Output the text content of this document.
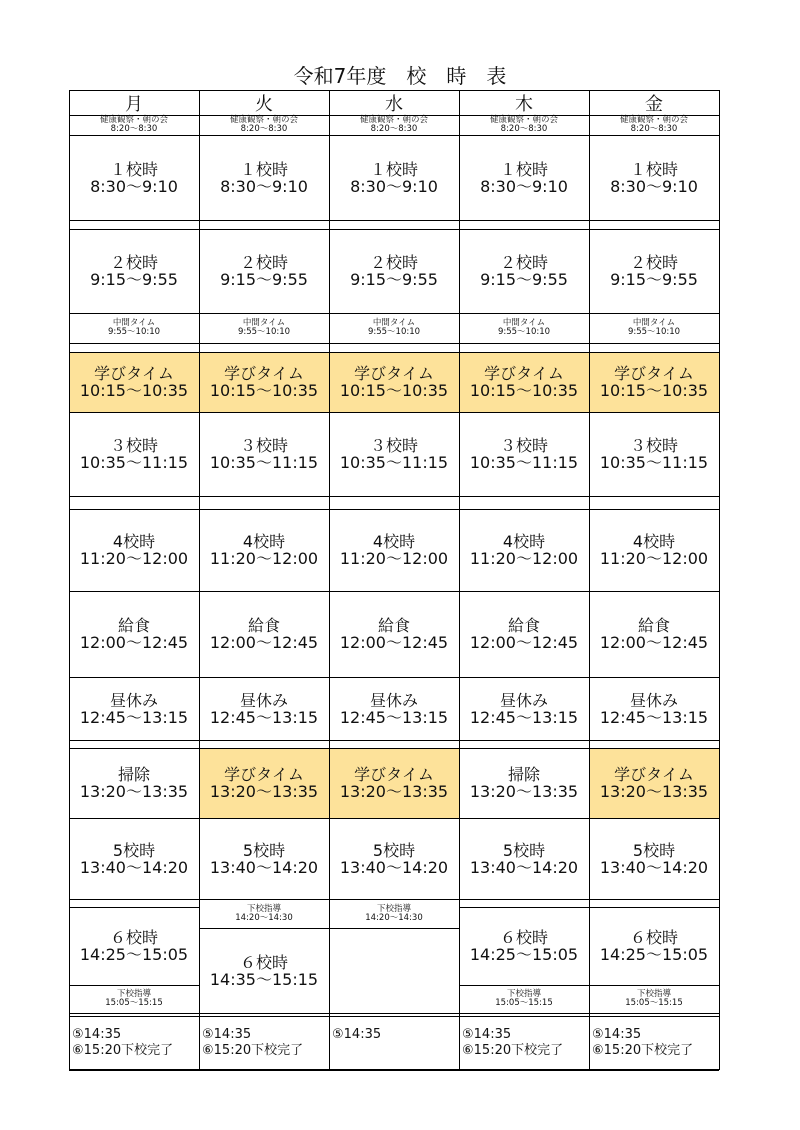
令和7年度　校　時　表
月
健康観察・朝の会
8:20〜8:30
１校時
8:30〜9:10
２校時
9:15〜9:55
中間タイム
9:55〜10:10
学びタイム
10:15〜10:35
３校時
10:35〜11:15
4校時
11:20〜12:00
給食
12:00〜12:45
昼休み
12:45〜13:15
掃除
13:20〜13:35
5校時
13:40〜14:20
６校時
14:25〜15:05
下校指導
15:05〜15:15
⑤14:35
⑥15:20下校完了
火
健康観察・朝の会
8:20〜8:30
１校時
8:30〜9:10
２校時
9:15〜9:55
中間タイム
9:55〜10:10
学びタイム
10:15〜10:35
３校時
10:35〜11:15
4校時
11:20〜12:00
給食
12:00〜12:45
昼休み
12:45〜13:15
学びタイム
13:20〜13:35
5校時
13:40〜14:20
下校指導
14:20〜14:30
６校時
14:35〜15:15
⑤14:35
⑥15:20下校完了
水
健康観察・朝の会
8:20〜8:30
１校時
8:30〜9:10
２校時
9:15〜9:55
中間タイム
9:55〜10:10
学びタイム
10:15〜10:35
３校時
10:35〜11:15
4校時
11:20〜12:00
給食
12:00〜12:45
昼休み
12:45〜13:15
学びタイム
13:20〜13:35
5校時
13:40〜14:20
下校指導
14:20〜14:30
⑤14:35
木
健康観察・朝の会
8:20〜8:30
１校時
8:30〜9:10
２校時
9:15〜9:55
中間タイム
9:55〜10:10
学びタイム
10:15〜10:35
３校時
10:35〜11:15
4校時
11:20〜12:00
給食
12:00〜12:45
昼休み
12:45〜13:15
掃除
13:20〜13:35
5校時
13:40〜14:20
６校時
14:25〜15:05
下校指導
15:05〜15:15
⑤14:35
⑥15:20下校完了
金
健康観察・朝の会
8:20〜8:30
１校時
8:30〜9:10
２校時
9:15〜9:55
中間タイム
9:55〜10:10
学びタイム
10:15〜10:35
３校時
10:35〜11:15
4校時
11:20〜12:00
給食
12:00〜12:45
昼休み
12:45〜13:15
学びタイム
13:20〜13:35
5校時
13:40〜14:20
６校時
14:25〜15:05
下校指導
15:05〜15:15
⑤14:35
⑥15:20下校完了
